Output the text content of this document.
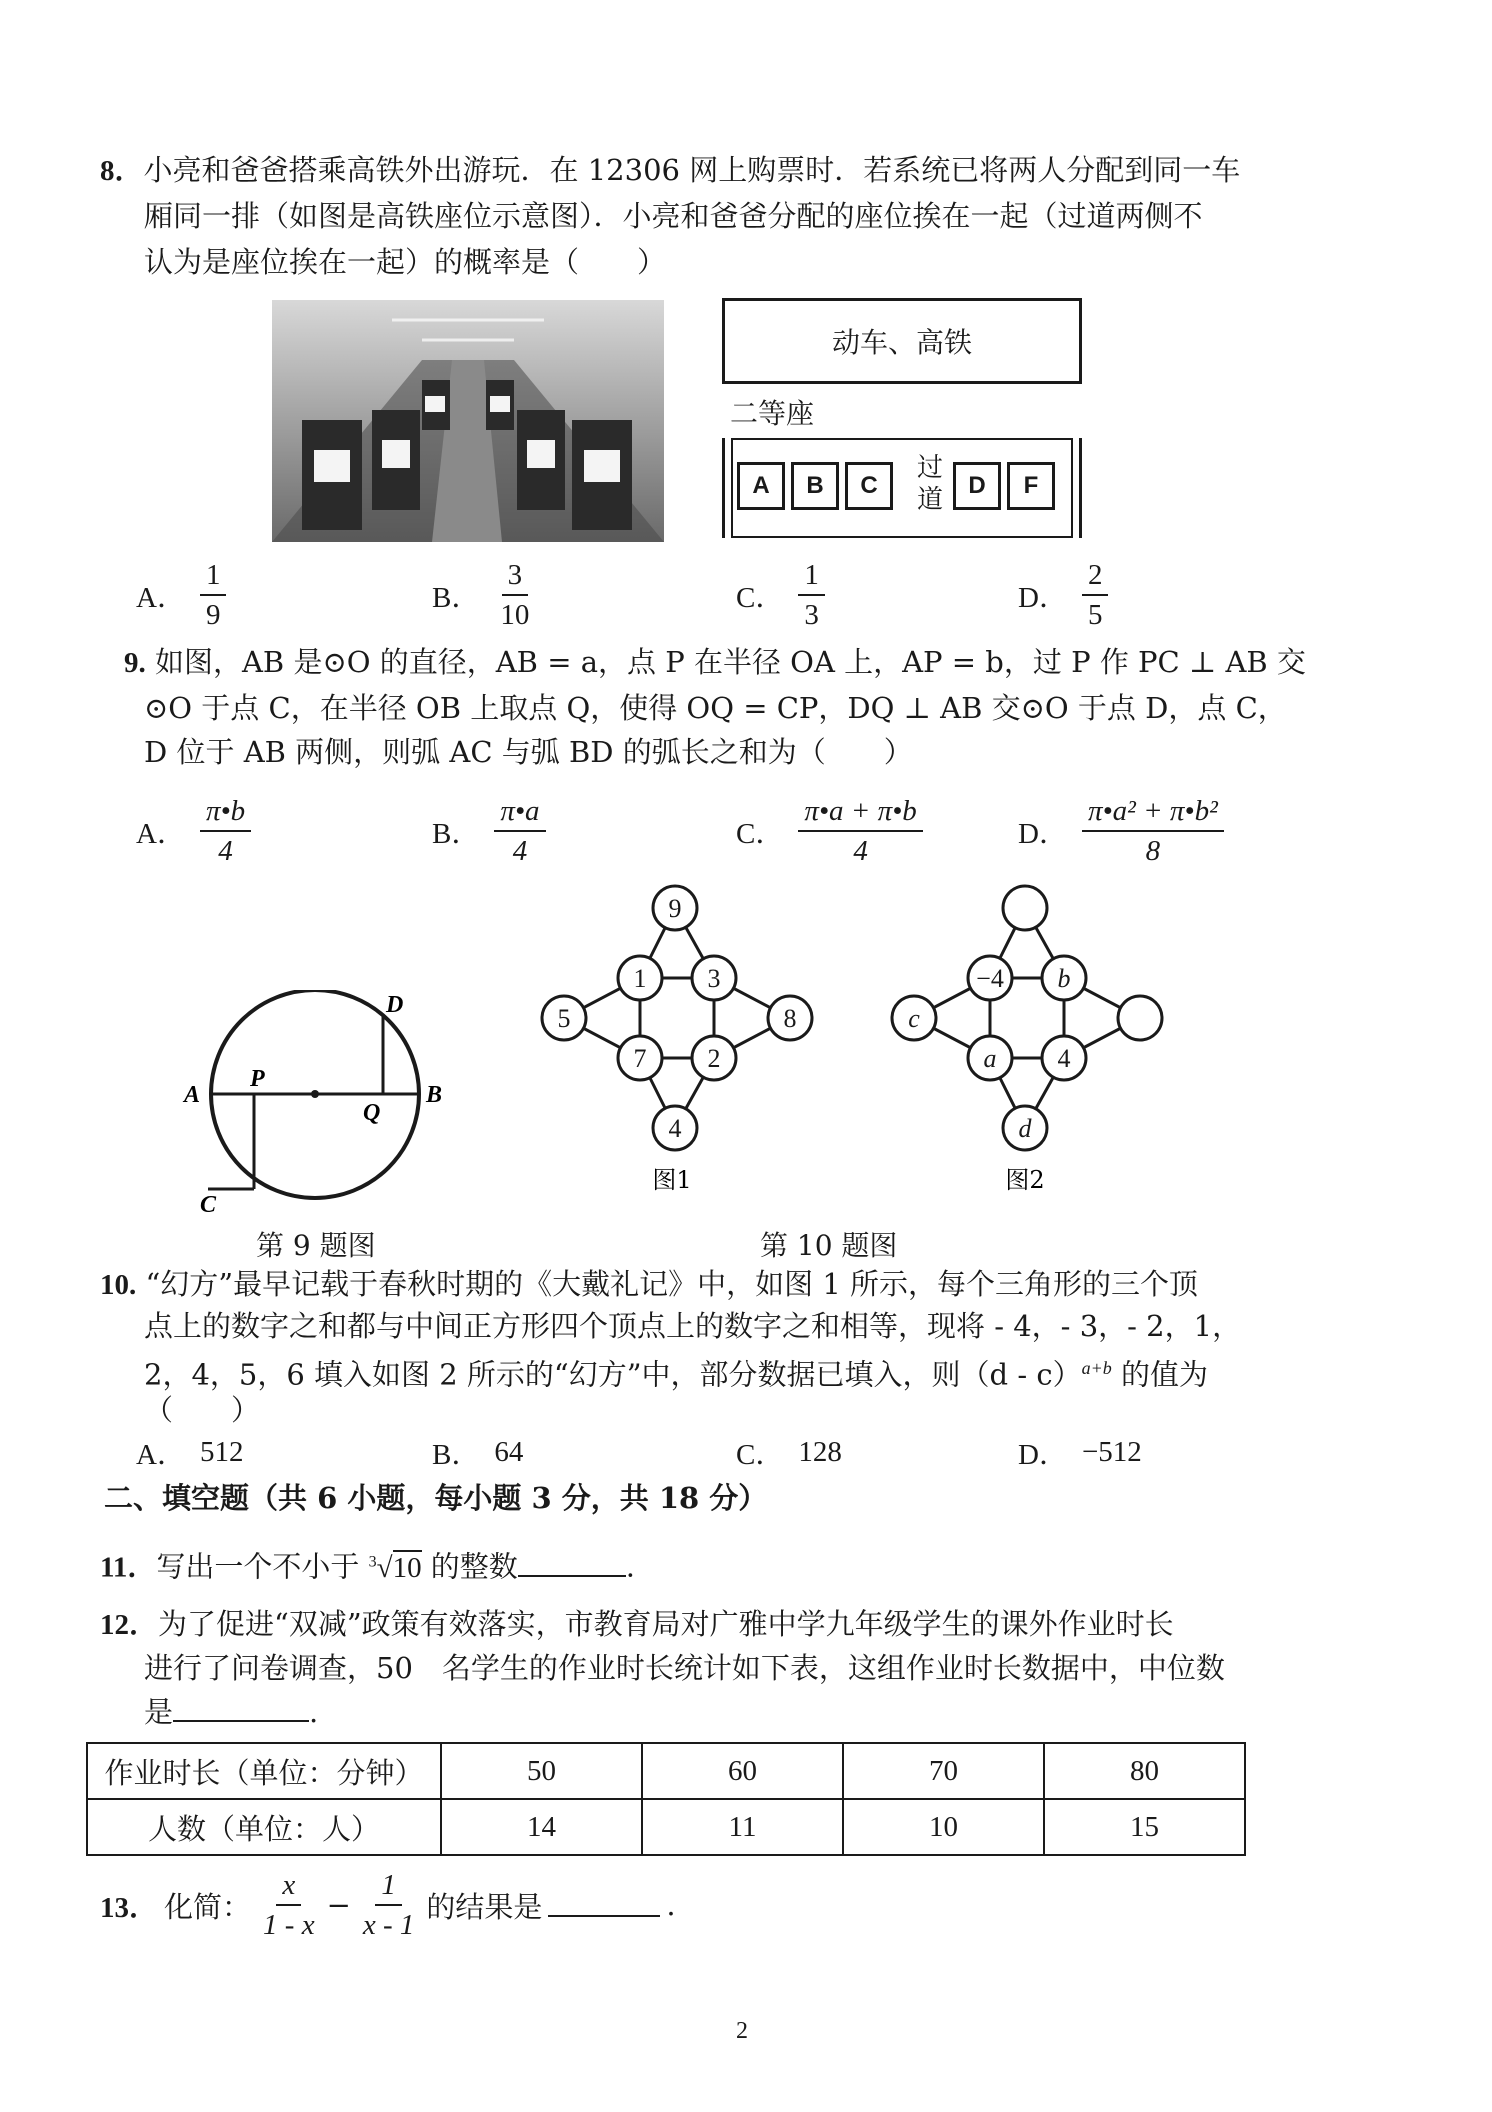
8．小亮和爸爸搭乘高铁外出游玩．在 12306 网上购票时．若系统已将两人分配到同一车
厢同一排（如图是高铁座位示意图）．小亮和爸爸分配的座位挨在一起（过道两侧不
认为是座位挨在一起）的概率是（　　）
动车、高铁
二等座
A	B	C
过道	D	F
A． $\frac{1}{9}$	B． $\frac{3}{10}$	C． $\frac{1}{3}$	D． $\frac{2}{5}$
9. 如图，AB 是⊙O 的直径，AB = a，点 P 在半径 OA 上，AP = b，过 P 作 PC ⊥ AB 交
⊙O 于点 C，在半径 OB 上取点 Q，使得 OQ = CP，DQ ⊥ AB 交⊙O 于点 D，点 C，
D 位于 AB 两侧，则弧 AC 与弧 BD 的弧长之和为（　　）
A． $\frac{\pi•b}{4}$	B． $\frac{\pi•a}{4}$	C． $\frac{\pi•a + \pi•b}{4}$	D． $\frac{\text{π•a² + π•b²}}{8}$
A
P
Q
B
C
D
第 9 题图
9
1 3
5	8
7 2
4
图1
−4 b
c
a 4
d
图2
第 10 题图
10. “幻方”最早记载于春秋时期的《大戴礼记》中，如图 1 所示，每个三角形的三个顶
点上的数字之和都与中间正方形四个顶点上的数字之和相等，现将 - 4，- 3，- 2，1，
2，4，5，6 填入如图 2 所示的“幻方”中，部分数据已填入，则（d - c）$^{a+b}$ 的值为
（　　）
A． 512	B． 64	C． 128	D． −512
二、填空题（共 6 小题，每小题 3 分，共 18 分）
11．写出一个不小于 $^3$√10 的整数	.
12．为了促进“双减”政策有效落实，市教育局对广雅中学九年级学生的课外作业时长
进行了问卷调查，50　名学生的作业时长统计如下表，这组作业时长数据中，中位数
是	.
作业时长（单位：分钟）	50	60	70	80
人数（单位：人）	14	11	10	15
13． 化简： $\frac{x}{1 - x} - \frac{1}{x - 1}$ 的结果是	.
2
